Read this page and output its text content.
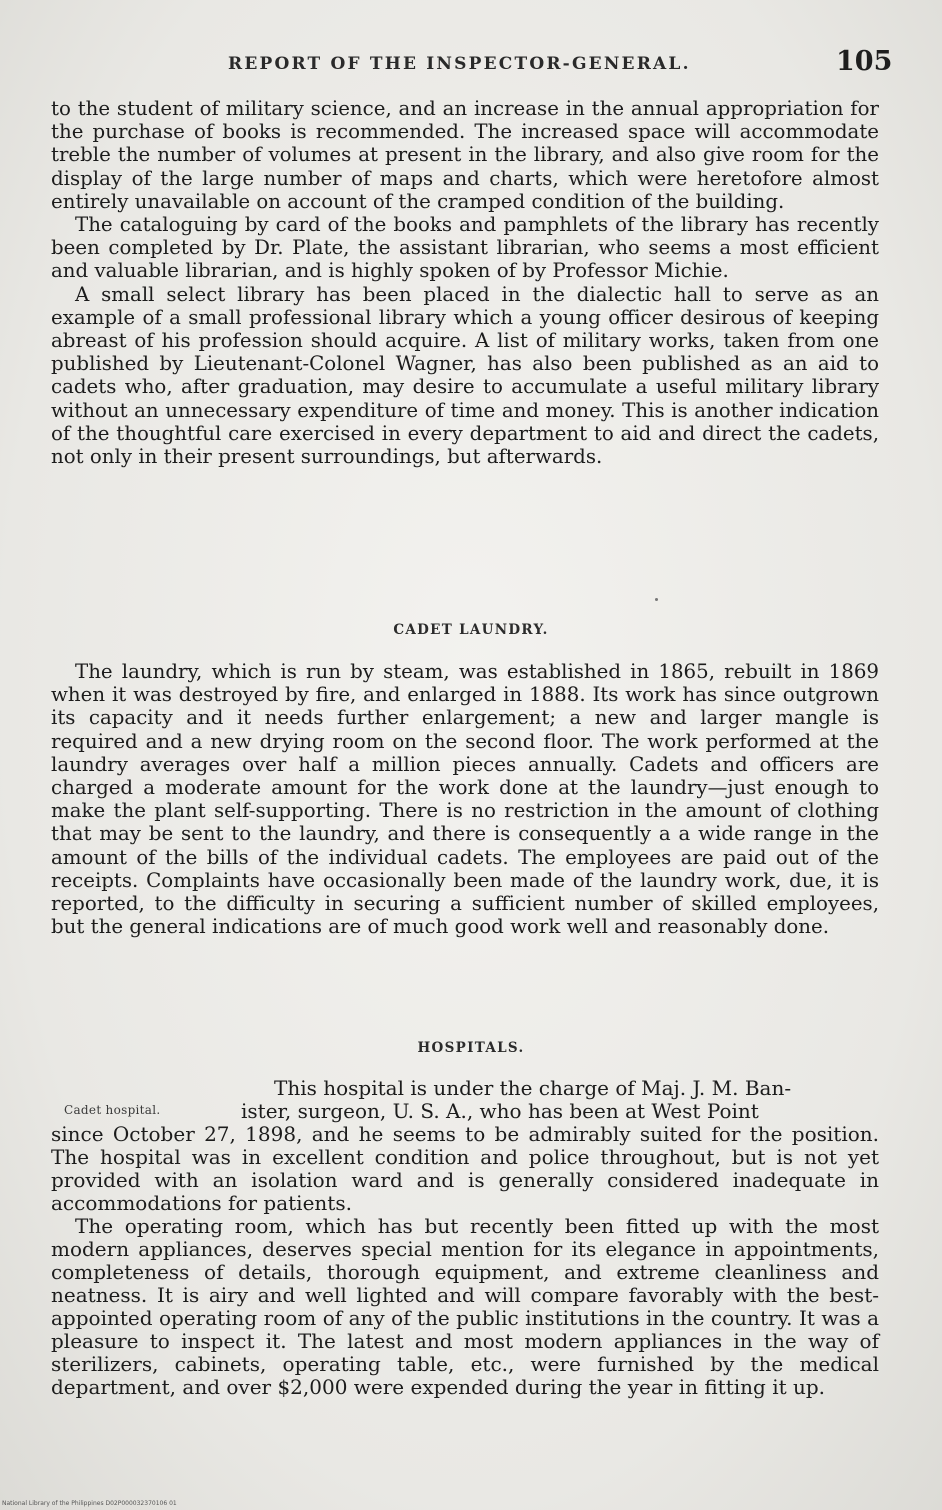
REPORT OF THE INSPECTOR-GENERAL.	105

to the student of military science, and an increase in the annual appropriation for the purchase of books is recommended. The increased space will accommodate treble the number of volumes at present in the library, and also give room for the display of the large number of maps and charts, which were heretofore almost entirely unavailable on account of the cramped condition of the building.

The cataloguing by card of the books and pamphlets of the library has recently been completed by Dr. Plate, the assistant librarian, who seems a most efficient and valuable librarian, and is highly spoken of by Professor Michie.

A small select library has been placed in the dialectic hall to serve as an example of a small professional library which a young officer desirous of keeping abreast of his profession should acquire. A list of military works, taken from one published by Lieutenant-Colonel Wagner, has also been published as an aid to cadets who, after graduation, may desire to accumulate a useful military library without an unnecessary expenditure of time and money. This is another indication of the thoughtful care exercised in every department to aid and direct the cadets, not only in their present surroundings, but afterwards.

CADET LAUNDRY.

The laundry, which is run by steam, was established in 1865, rebuilt in 1869 when it was destroyed by fire, and enlarged in 1888. Its work has since outgrown its capacity and it needs further enlargement; a new and larger mangle is required and a new drying room on the second floor. The work performed at the laundry averages over half a million pieces annually. Cadets and officers are charged a moderate amount for the work done at the laundry—just enough to make the plant self-supporting. There is no restriction in the amount of clothing that may be sent to the laundry, and there is consequently a a wide range in the amount of the bills of the individual cadets. The employees are paid out of the receipts. Complaints have occasionally been made of the laundry work, due, it is reported, to the difficulty in securing a sufficient number of skilled employees, but the general indications are of much good work well and reasonably done.

HOSPITALS.
Cadet hospital.
This hospital is under the charge of Maj. J. M. Ban-
ister, surgeon, U. S. A., who has been at West Point

since October 27, 1898, and he seems to be admirably suited for the position. The hospital was in excellent condition and police throughout, but is not yet provided with an isolation ward and is generally considered inadequate in accommodations for patients.

The operating room, which has but recently been fitted up with the most modern appliances, deserves special mention for its elegance in appointments, completeness of details, thorough equipment, and extreme cleanliness and neatness. It is airy and well lighted and will compare favorably with the best-appointed operating room of any of the public institutions in the country. It was a pleasure to inspect it. The latest and most modern appliances in the way of sterilizers, cabinets, operating table, etc., were furnished by the medical department, and over $2,000 were expended during the year in fitting it up.

National Library of the Philippines D02P000032370106 01
